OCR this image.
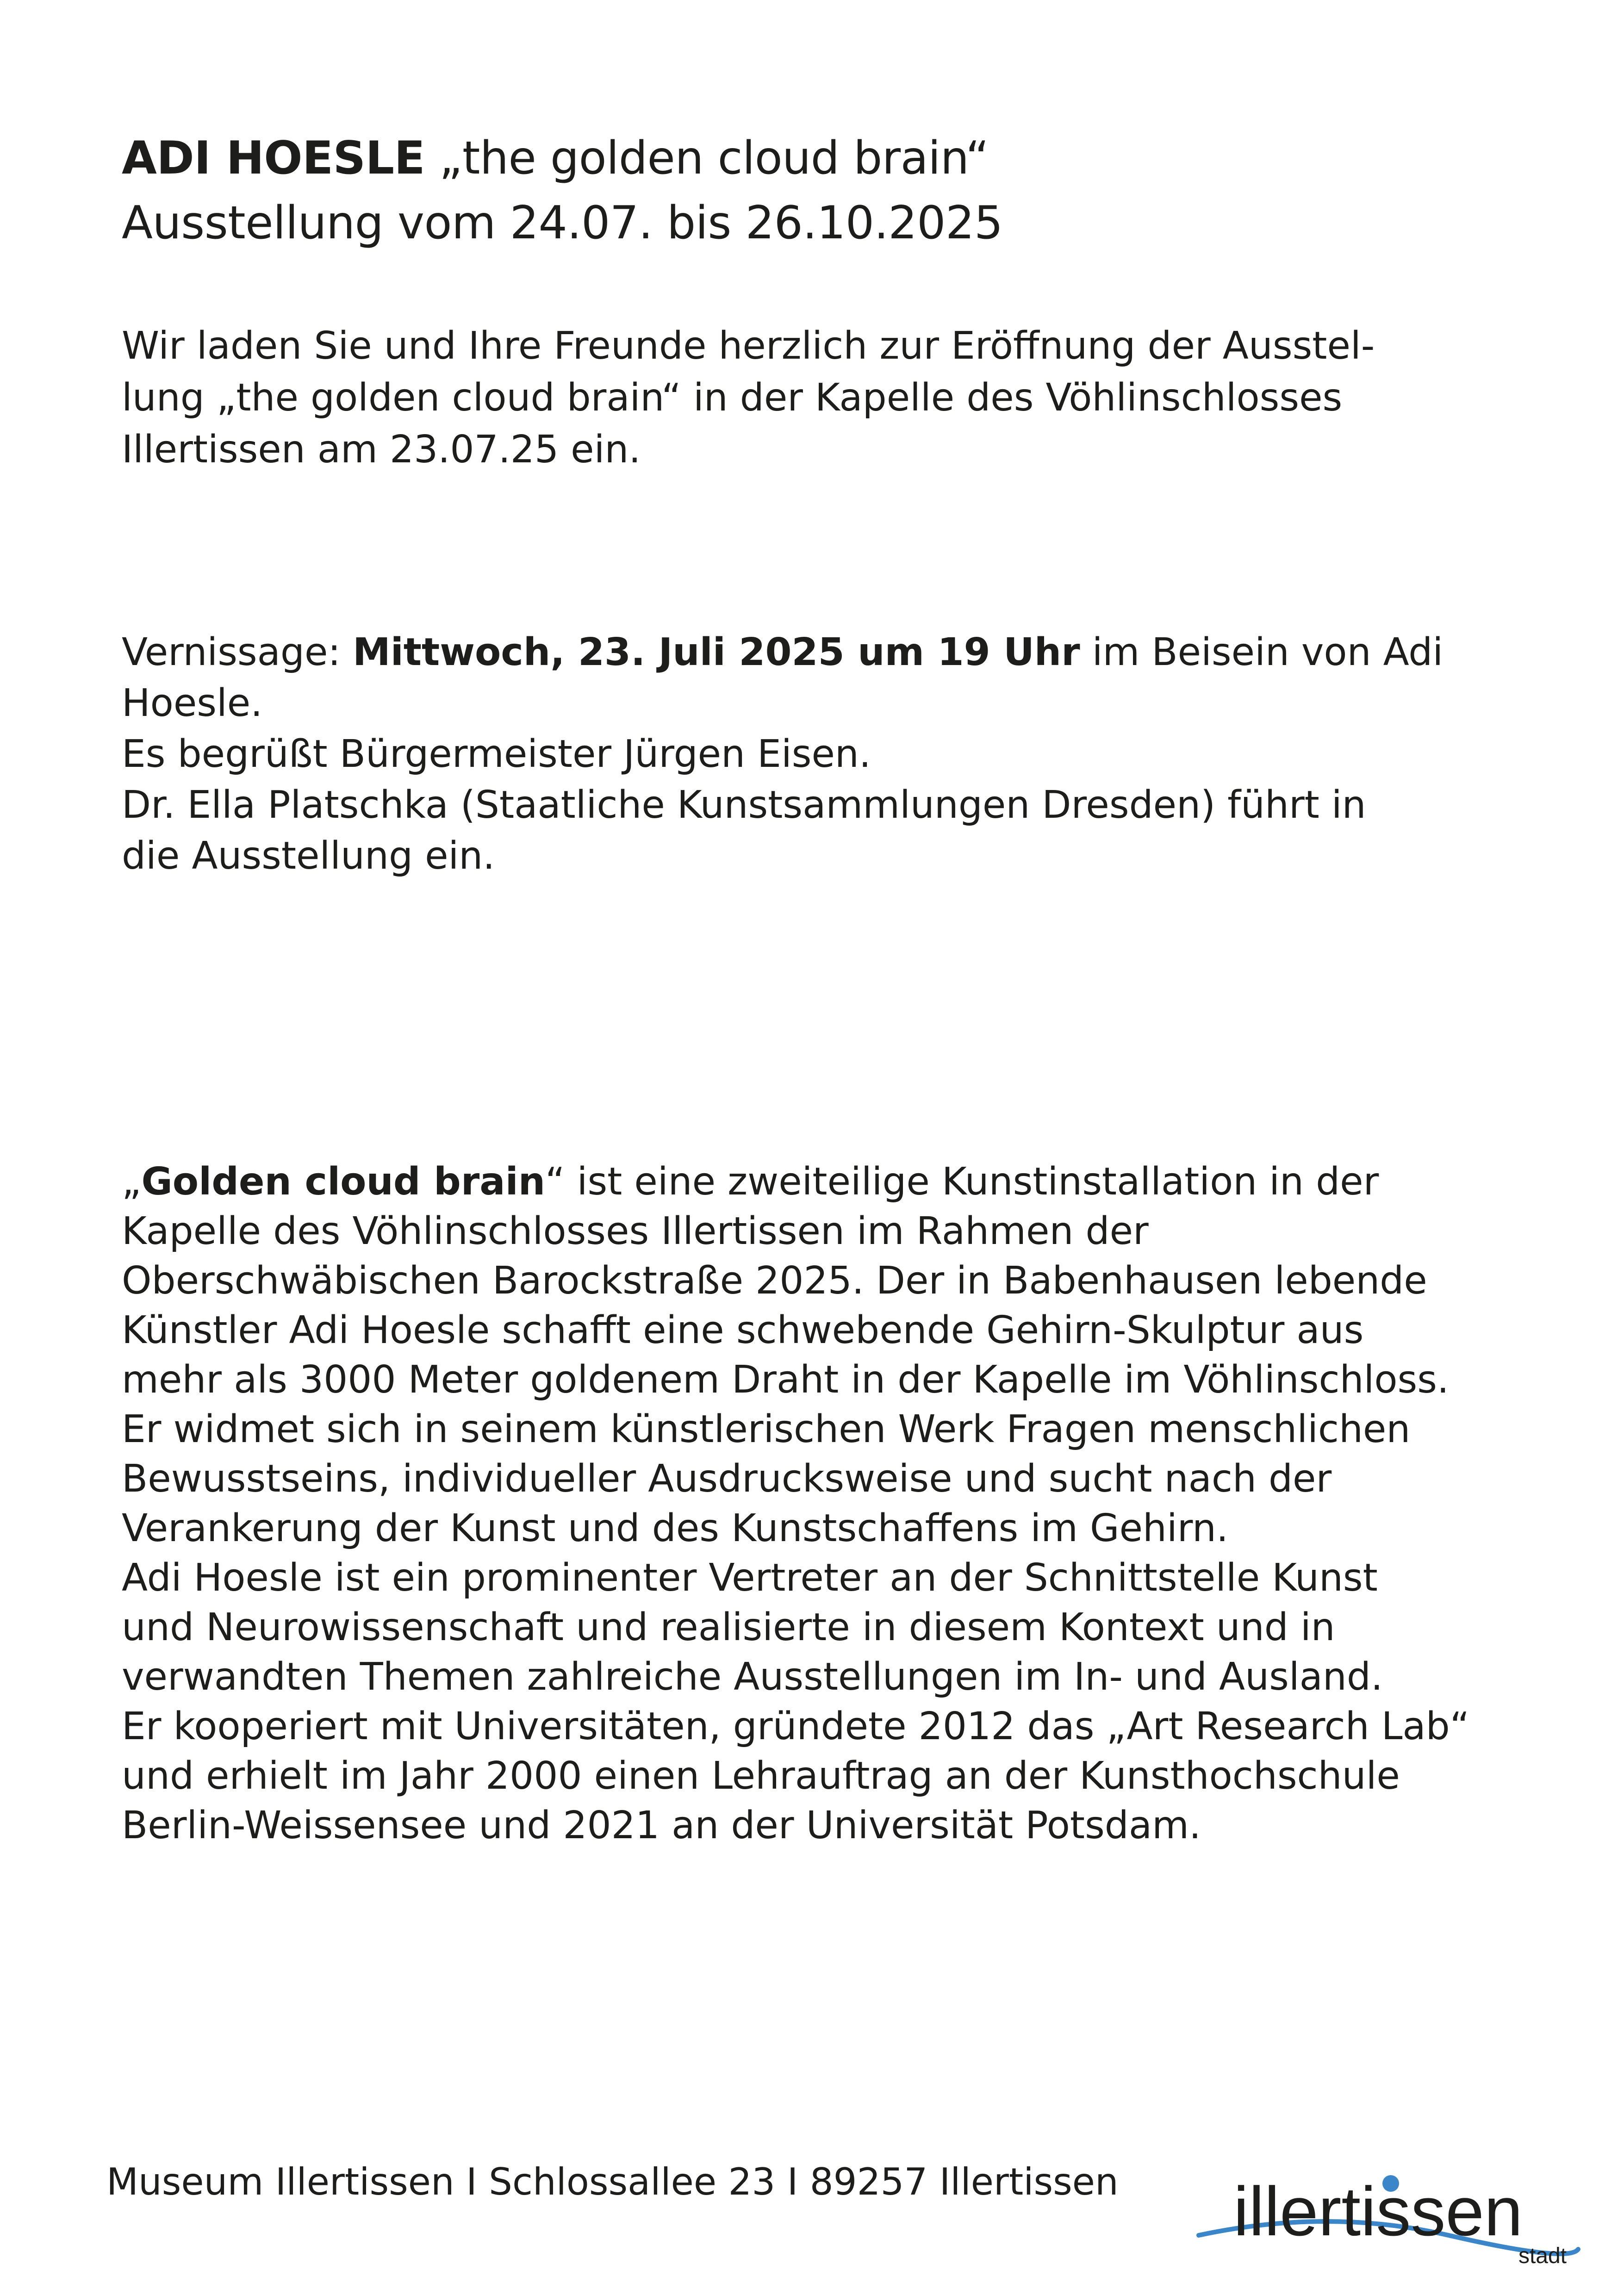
ADI HOESLE „the golden cloud brain“
Ausstellung vom 24.07. bis 26.10.2025
Wir laden Sie und Ihre Freunde herzlich zur Eröffnung der Ausstel-
lung „the golden cloud brain“ in der Kapelle des Vöhlinschlosses
Illertissen am 23.07.25 ein.
Vernissage: Mittwoch, 23. Juli 2025 um 19 Uhr im Beisein von Adi
Hoesle.
Es begrüßt Bürgermeister Jürgen Eisen.
Dr. Ella Platschka (Staatliche Kunstsammlungen Dresden) führt in
die Ausstellung ein.
„Golden cloud brain“ ist eine zweiteilige Kunstinstallation in der
Kapelle des Vöhlinschlosses Illertissen im Rahmen der
Oberschwäbischen Barockstraße 2025. Der in Babenhausen lebende
Künstler Adi Hoesle schafft eine schwebende Gehirn-Skulptur aus
mehr als 3000 Meter goldenem Draht in der Kapelle im Vöhlinschloss.
Er widmet sich in seinem künstlerischen Werk Fragen menschlichen
Bewusstseins, individueller Ausdrucksweise und sucht nach der
Verankerung der Kunst und des Kunstschaffens im Gehirn.
Adi Hoesle ist ein prominenter Vertreter an der Schnittstelle Kunst
und Neurowissenschaft und realisierte in diesem Kontext und in
verwandten Themen zahlreiche Ausstellungen im In- und Ausland.
Er kooperiert mit Universitäten, gründete 2012 das „Art Research Lab“
und erhielt im Jahr 2000 einen Lehrauftrag an der Kunsthochschule
Berlin-Weissensee und 2021 an der Universität Potsdam.
Museum Illertissen I Schlossallee 23 I 89257 Illertissen illertissen
stadt
